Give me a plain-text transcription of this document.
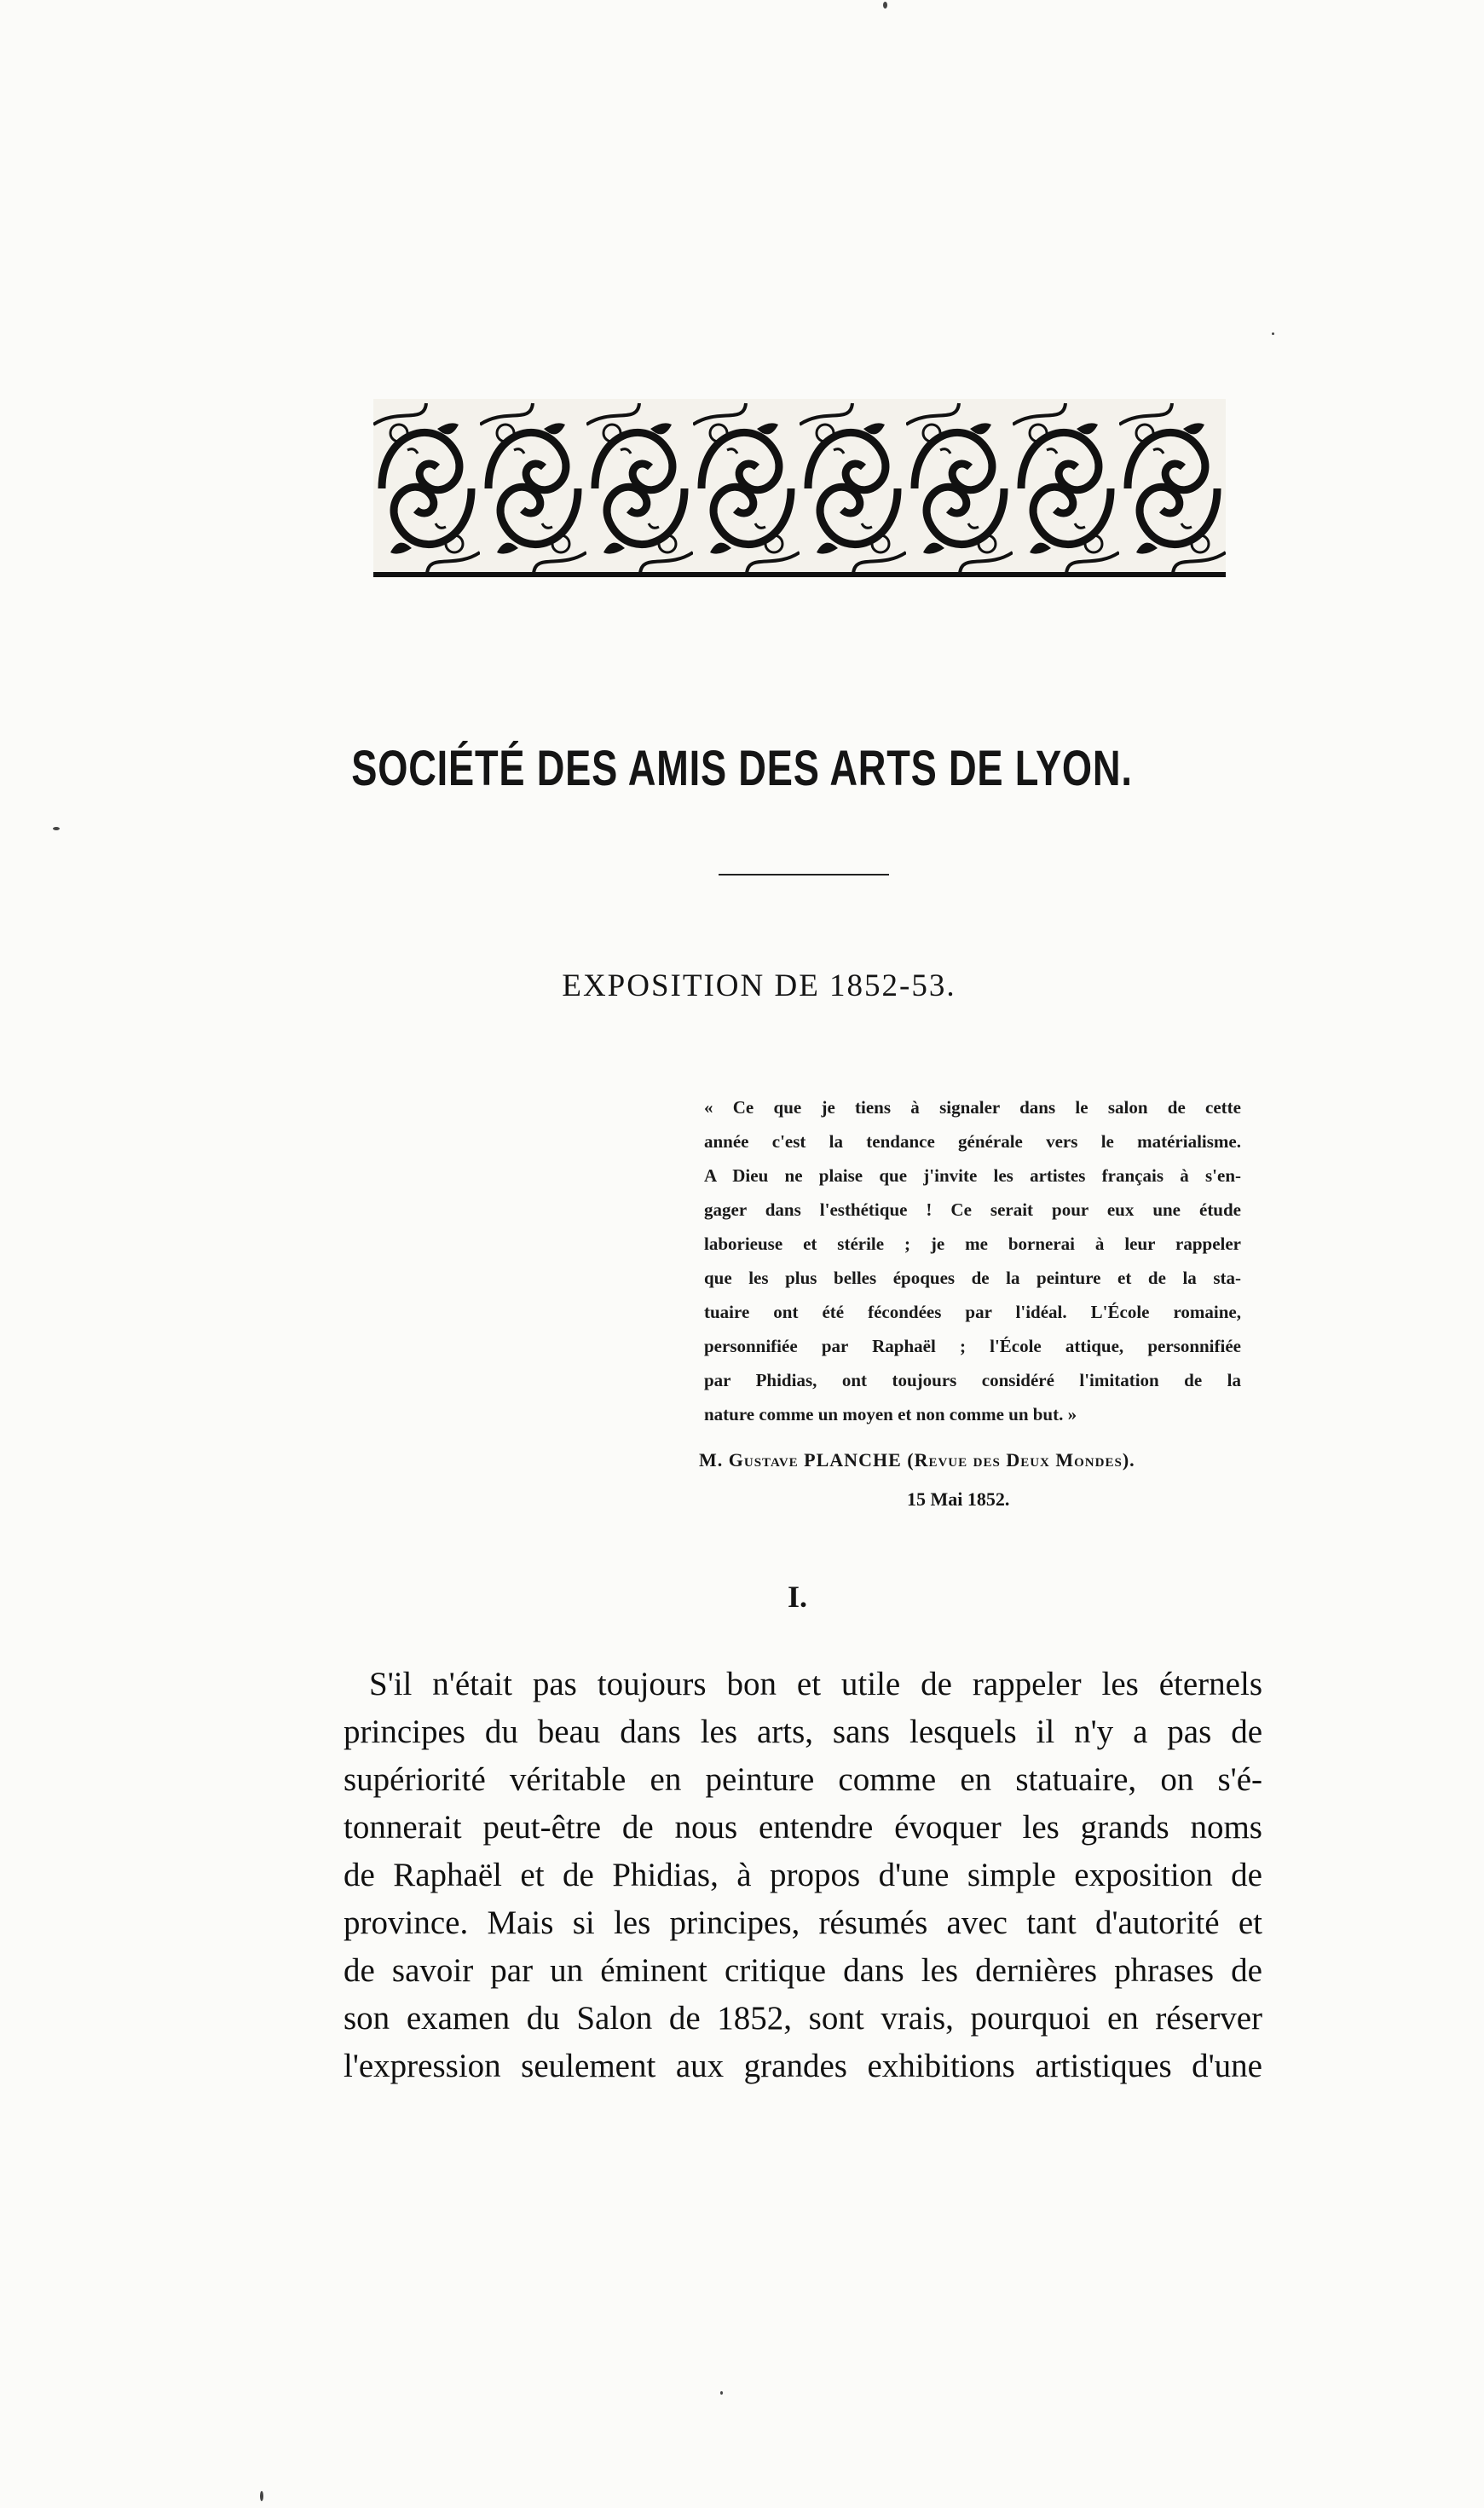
SOCIÉTÉ DES AMIS DES ARTS DE LYON.
EXPOSITION DE 1852-53.
« Ce que je tiens à signaler dans le salon de cette
année c'est la tendance générale vers le matérialisme.
A Dieu ne plaise que j'invite les artistes français à s'en-
gager dans l'esthétique ! Ce serait pour eux une étude
laborieuse et stérile ; je me bornerai à leur rappeler
que les plus belles époques de la peinture et de la sta-
tuaire ont été fécondées par l'idéal. L'École romaine,
personnifiée par Raphaël ; l'École attique, personnifiée
par Phidias, ont toujours considéré l'imitation de la
nature comme un moyen et non comme un but. »
M. Gustave PLANCHE (Revue des Deux Mondes).
15 Mai 1852.
I.
S'il n'était pas toujours bon et utile de rappeler les éternels
principes du beau dans les arts, sans lesquels il n'y a pas de
supériorité véritable en peinture comme en statuaire, on s'é-
tonnerait peut-être de nous entendre évoquer les grands noms
de Raphaël et de Phidias, à propos d'une simple exposition de
province. Mais si les principes, résumés avec tant d'autorité et
de savoir par un éminent critique dans les dernières phrases de
son examen du Salon de 1852, sont vrais, pourquoi en réserver
l'expression seulement aux grandes exhibitions artistiques d'une
